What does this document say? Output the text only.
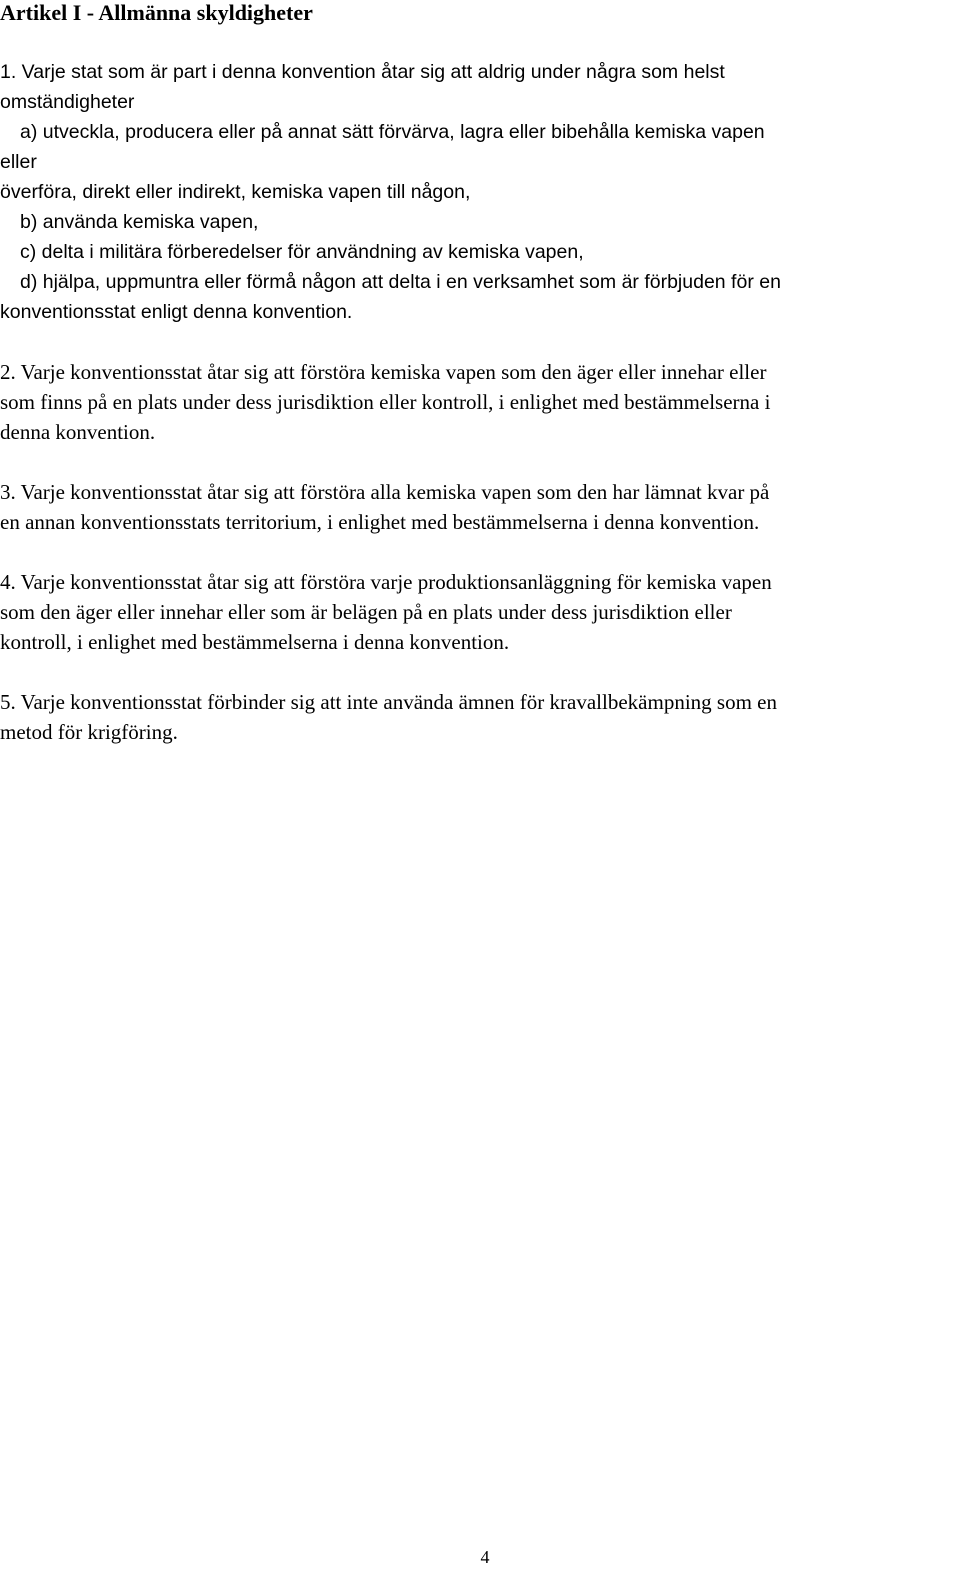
Artikel I - Allmänna skyldigheter
1. Varje stat som är part i denna konvention åtar sig att aldrig under några som helst
omständigheter
a) utveckla, producera eller på annat sätt förvärva, lagra eller bibehålla kemiska vapen
eller
överföra, direkt eller indirekt, kemiska vapen till någon,
b) använda kemiska vapen,
c) delta i militära förberedelser för användning av kemiska vapen,
d) hjälpa, uppmuntra eller förmå någon att delta i en verksamhet som är förbjuden för en
konventionsstat enligt denna konvention.
2. Varje konventionsstat åtar sig att förstöra kemiska vapen som den äger eller innehar eller
som finns på en plats under dess jurisdiktion eller kontroll, i enlighet med bestämmelserna i
denna konvention.
3. Varje konventionsstat åtar sig att förstöra alla kemiska vapen som den har lämnat kvar på
en annan konventionsstats territorium, i enlighet med bestämmelserna i denna konvention.
4. Varje konventionsstat åtar sig att förstöra varje produktionsanläggning för kemiska vapen
som den äger eller innehar eller som är belägen på en plats under dess jurisdiktion eller
kontroll, i enlighet med bestämmelserna i denna konvention.
5. Varje konventionsstat förbinder sig att inte använda ämnen för kravallbekämpning som en
metod för krigföring.
4
